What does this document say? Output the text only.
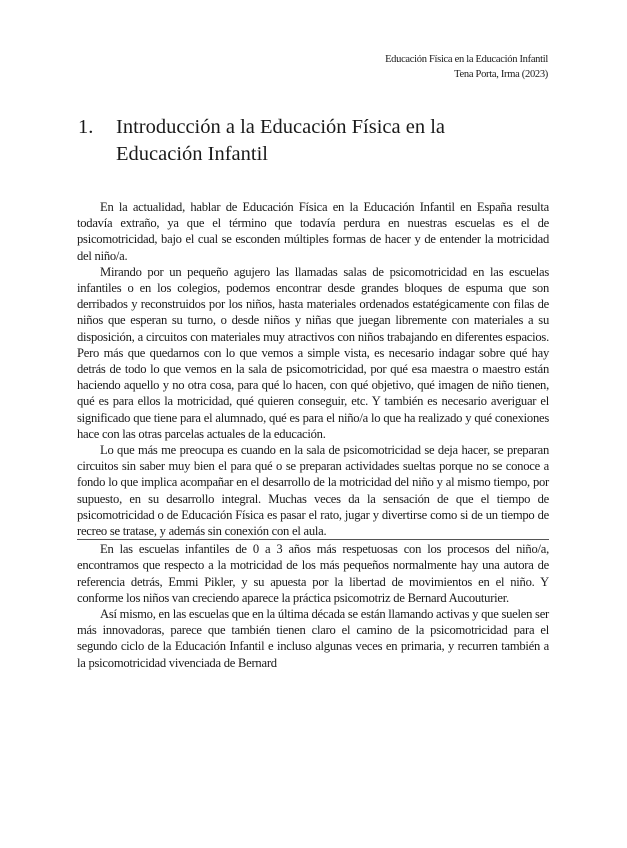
Educación Física en la Educación Infantil
Tena Porta, Irma (2023)
1.	Introducción a la Educación Física en la Educación Infantil

En la actualidad, hablar de Educación Física en la Educación Infantil en España resulta todavía extraño, ya que el término que todavía perdura en nuestras escuelas es el de psicomotricidad, bajo el cual se esconden múltiples formas de hacer y de entender la motricidad del niño/a.

Mirando por un pequeño agujero las llamadas salas de psicomotricidad en las escuelas infantiles o en los colegios, podemos encontrar desde grandes bloques de espuma que son derribados y reconstruidos por los niños, hasta materiales ordenados estatégicamente con filas de niños que esperan su turno, o desde niños y niñas que juegan libremente con materiales a su disposición, a circuitos con materiales muy atractivos con niños trabajando en diferentes espacios. Pero más que quedarnos con lo que vemos a simple vista, es necesario indagar sobre qué hay detrás de todo lo que vemos en la sala de psicomotricidad, por qué esa maestra o maestro están haciendo aquello y no otra cosa, para qué lo hacen, con qué objetivo, qué imagen de niño tienen, qué es para ellos la motricidad, qué quieren conseguir, etc. Y también es necesario averiguar el significado que tiene para el alumnado, qué es para el niño/a lo que ha realizado y qué conexiones hace con las otras parcelas actuales de la educación.

Lo que más me preocupa es cuando en la sala de psicomotricidad se deja hacer, se preparan circuitos sin saber muy bien el para qué o se preparan actividades sueltas porque no se conoce a fondo lo que implica acompañar en el desarrollo de la motricidad del niño y al mismo tiempo, por supuesto, en su desarrollo integral. Muchas veces da la sensación de que el tiempo de psicomotricidad o de Educación Física es pasar el rato, jugar y divertirse como si de un tiempo de recreo se tratase, y además sin conexión con el aula.

En las escuelas infantiles de 0 a 3 años más respetuosas con los procesos del niño/a, encontramos que respecto a la motricidad de los más pequeños normalmente hay una autora de referencia detrás, Emmi Pikler, y su apuesta por la libertad de movimientos en el niño. Y conforme los niños van creciendo aparece la práctica psicomotriz de Bernard Aucouturier.

Así mismo, en las escuelas que en la última década se están llamando activas y que suelen ser más innovadoras, parece que también tienen claro el camino de la psicomotricidad para el segundo ciclo de la Educación Infantil e incluso algunas veces en primaria, y recurren también a la psicomotricidad vivenciada de Bernard
